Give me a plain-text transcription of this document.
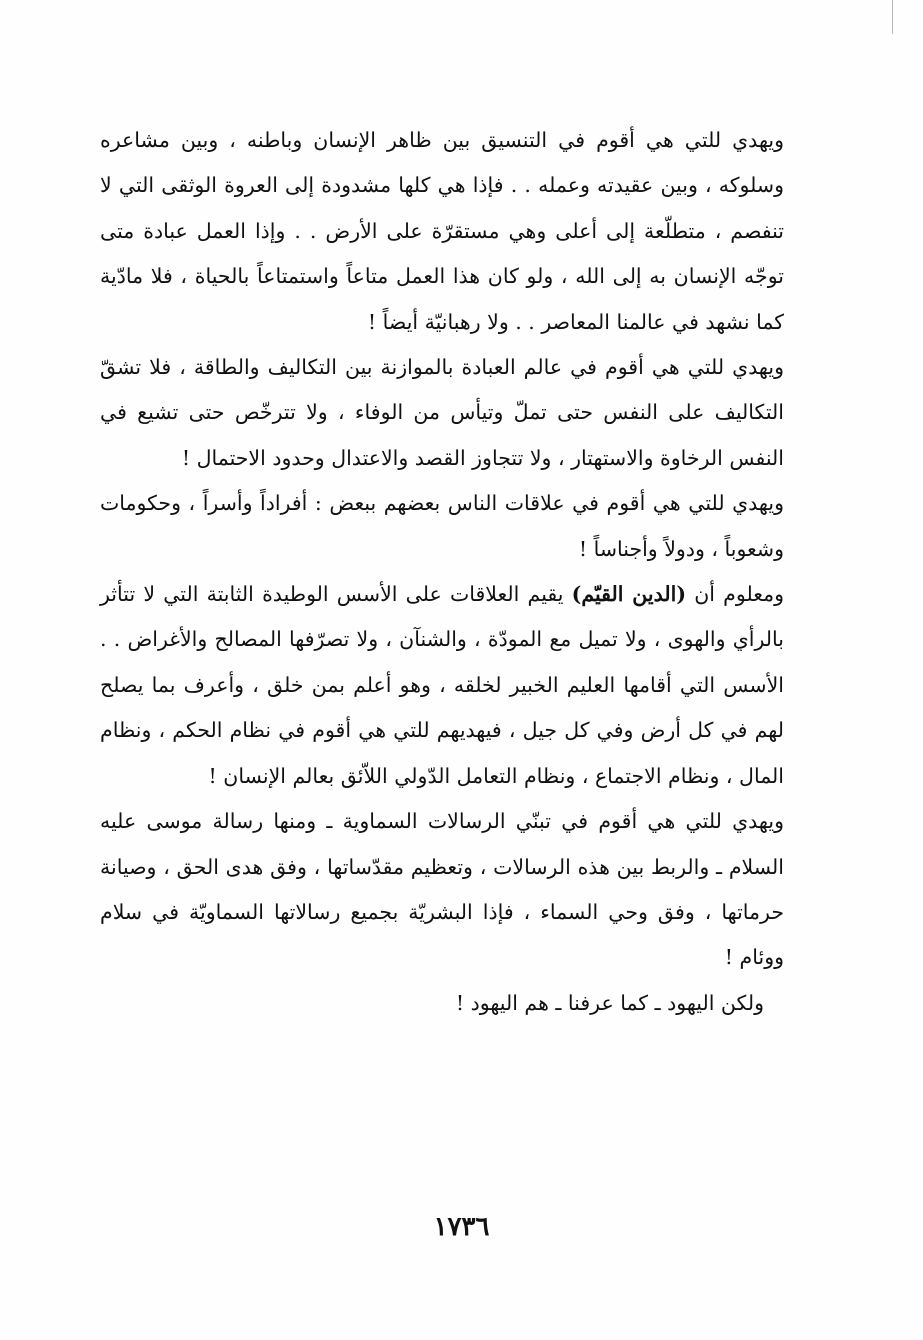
ويهدي للتي هي أقوم في التنسيق بين ظاهر الإنسان وباطنه ، وبين مشاعره وسلوكه ، وبين عقيدته وعمله . . فإذا هي كلها مشدودة إلى العروة الوثقى التي لا تنفصم ، متطلّعة إلى أعلى وهي مستقرّة على الأرض . . وإذا العمل عبادة متى توجّه الإنسان به إلى الله ، ولو كان هذا العمل متاعاً واستمتاعاً بالحياة ، فلا مادّية كما نشهد في عالمنا المعاصر . . ولا رهبانيّة أيضاً !

ويهدي للتي هي أقوم في عالم العبادة بالموازنة بين التكاليف والطاقة ، فلا تشقّ التكاليف على النفس حتى تملّ وتيأس من الوفاء ، ولا تترخّص حتى تشيع في النفس الرخاوة والاستهتار ، ولا تتجاوز القصد والاعتدال وحدود الاحتمال !

ويهدي للتي هي أقوم في علاقات الناس بعضهم ببعض : أفراداً وأسراً ، وحكومات وشعوباً ، ودولاً وأجناساً !

ومعلوم أن (الدين القيّم) يقيم العلاقات على الأسس الوطيدة الثابتة التي لا تتأثر بالرأي والهوى ، ولا تميل مع المودّة ، والشنآن ، ولا تصرّفها المصالح والأغراض . . الأسس التي أقامها العليم الخبير لخلقه ، وهو أعلم بمن خلق ، وأعرف بما يصلح لهم في كل أرض وفي كل جيل ، فيهديهم للتي هي أقوم في نظام الحكم ، ونظام المال ، ونظام الاجتماع ، ونظام التعامل الدّولي اللاّئق بعالم الإنسان !

ويهدي للتي هي أقوم في تبنّي الرسالات السماوية ـ ومنها رسالة موسى عليه السلام ـ والربط بين هذه الرسالات ، وتعظيم مقدّساتها ، وفق هدى الحق ، وصيانة حرماتها ، وفق وحي السماء ، فإذا البشريّة بجميع رسالاتها السماويّة في سلام ووئام !

ولكن اليهود ـ كما عرفنا ـ هم اليهود !

١٧٣٦
